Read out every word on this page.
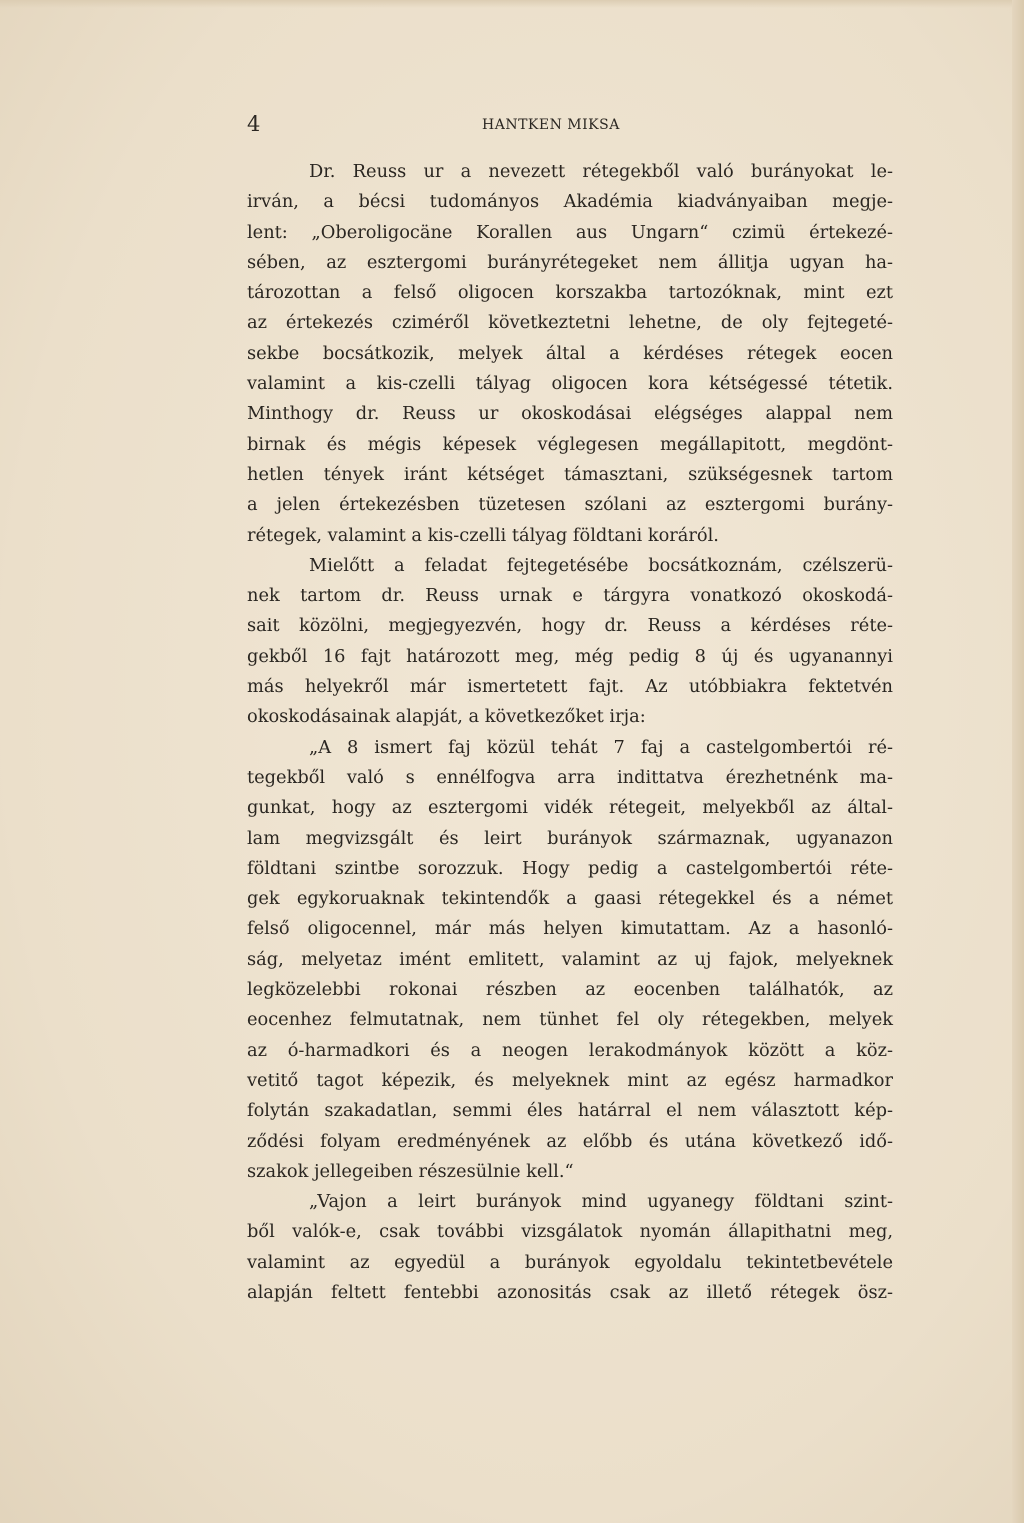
4	HANTKEN MIKSA
Dr. Reuss ur a nevezett rétegekből való burányokat le-
irván, a bécsi tudományos Akadémia kiadványaiban megje-
lent: „Oberoligocäne Korallen aus Ungarn“ czimü értekezé-
sében, az esztergomi burányrétegeket nem állitja ugyan ha-
tározottan a felső oligocen korszakba tartozóknak, mint ezt
az értekezés cziméről következtetni lehetne, de oly fejtegeté-
sekbe bocsátkozik, melyek által a kérdéses rétegek eocen
valamint a kis-czelli tályag oligocen kora kétségessé tétetik.
Minthogy dr. Reuss ur okoskodásai elégséges alappal nem
birnak és mégis képesek véglegesen megállapitott, megdönt-
hetlen tények iránt kétséget támasztani, szükségesnek tartom
a jelen értekezésben tüzetesen szólani az esztergomi burány-
rétegek, valamint a kis-czelli tályag földtani koráról.
Mielőtt a feladat fejtegetésébe bocsátkoznám, czélszerü-
nek tartom dr. Reuss urnak e tárgyra vonatkozó okoskodá-
sait közölni, megjegyezvén, hogy dr. Reuss a kérdéses réte-
gekből 16 fajt határozott meg, még pedig 8 új és ugyanannyi
más helyekről már ismertetett fajt. Az utóbbiakra fektetvén
okoskodásainak alapját, a következőket irja:
„A 8 ismert faj közül tehát 7 faj a castelgombertói ré-
tegekből való s ennélfogva arra indittatva érezhetnénk ma-
gunkat, hogy az esztergomi vidék rétegeit, melyekből az által-
lam megvizsgált és leirt burányok származnak, ugyanazon
földtani szintbe sorozzuk. Hogy pedig a castelgombertói réte-
gek egykoruaknak tekintendők a gaasi rétegekkel és a német
felső oligocennel, már más helyen kimutattam. Az a hasonló-
ság, melyetaz imént emlitett, valamint az uj fajok, melyeknek
legközelebbi rokonai részben az eocenben találhatók, az
eocenhez felmutatnak, nem tünhet fel oly rétegekben, melyek
az ó-harmadkori és a neogen lerakodmányok között a köz-
vetitő tagot képezik, és melyeknek mint az egész harmadkor
folytán szakadatlan, semmi éles határral el nem választott kép-
ződési folyam eredményének az előbb és utána következő idő-
szakok jellegeiben részesülnie kell.“
„Vajon a leirt burányok mind ugyanegy földtani szint-
ből valók-e, csak további vizsgálatok nyomán állapithatni meg,
valamint az egyedül a burányok egyoldalu tekintetbevétele
alapján feltett fentebbi azonositás csak az illető rétegek ösz-
